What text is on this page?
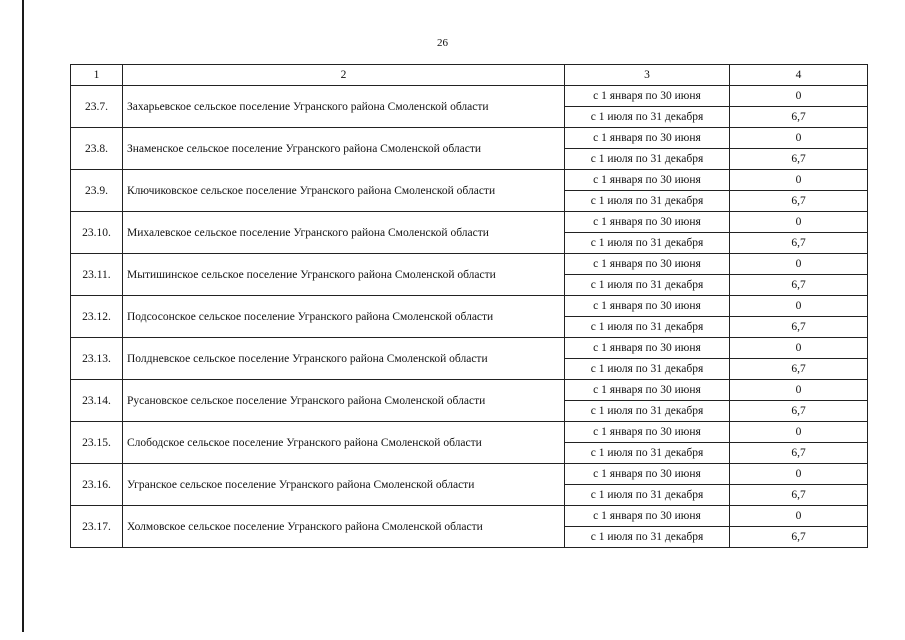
26
1	2	3	4
23.7.	Захарьевское сельское поселение Угранского района Смоленской области	с 1 января по 30 июня	0
		с 1 июля по 31 декабря	6,7
23.8.	Знаменское сельское поселение Угранского района Смоленской области	с 1 января по 30 июня	0
		с 1 июля по 31 декабря	6,7
23.9.	Ключиковское сельское поселение Угранского района Смоленской области	с 1 января по 30 июня	0
		с 1 июля по 31 декабря	6,7
23.10.	Михалевское сельское поселение Угранского района Смоленской области	с 1 января по 30 июня	0
		с 1 июля по 31 декабря	6,7
23.11.	Мытишинское сельское поселение Угранского района Смоленской области	с 1 января по 30 июня	0
		с 1 июля по 31 декабря	6,7
23.12.	Подсосонское сельское поселение Угранского района Смоленской области	с 1 января по 30 июня	0
		с 1 июля по 31 декабря	6,7
23.13.	Полдневское сельское поселение Угранского района Смоленской области	с 1 января по 30 июня	0
		с 1 июля по 31 декабря	6,7
23.14.	Русановское сельское поселение Угранского района Смоленской области	с 1 января по 30 июня	0
		с 1 июля по 31 декабря	6,7
23.15.	Слободское сельское поселение Угранского района Смоленской области	с 1 января по 30 июня	0
		с 1 июля по 31 декабря	6,7
23.16.	Угранское сельское поселение Угранского района Смоленской области	с 1 января по 30 июня	0
		с 1 июля по 31 декабря	6,7
23.17.	Холмовское сельское поселение Угранского района Смоленской области	с 1 января по 30 июня	0
		с 1 июля по 31 декабря	6,7
